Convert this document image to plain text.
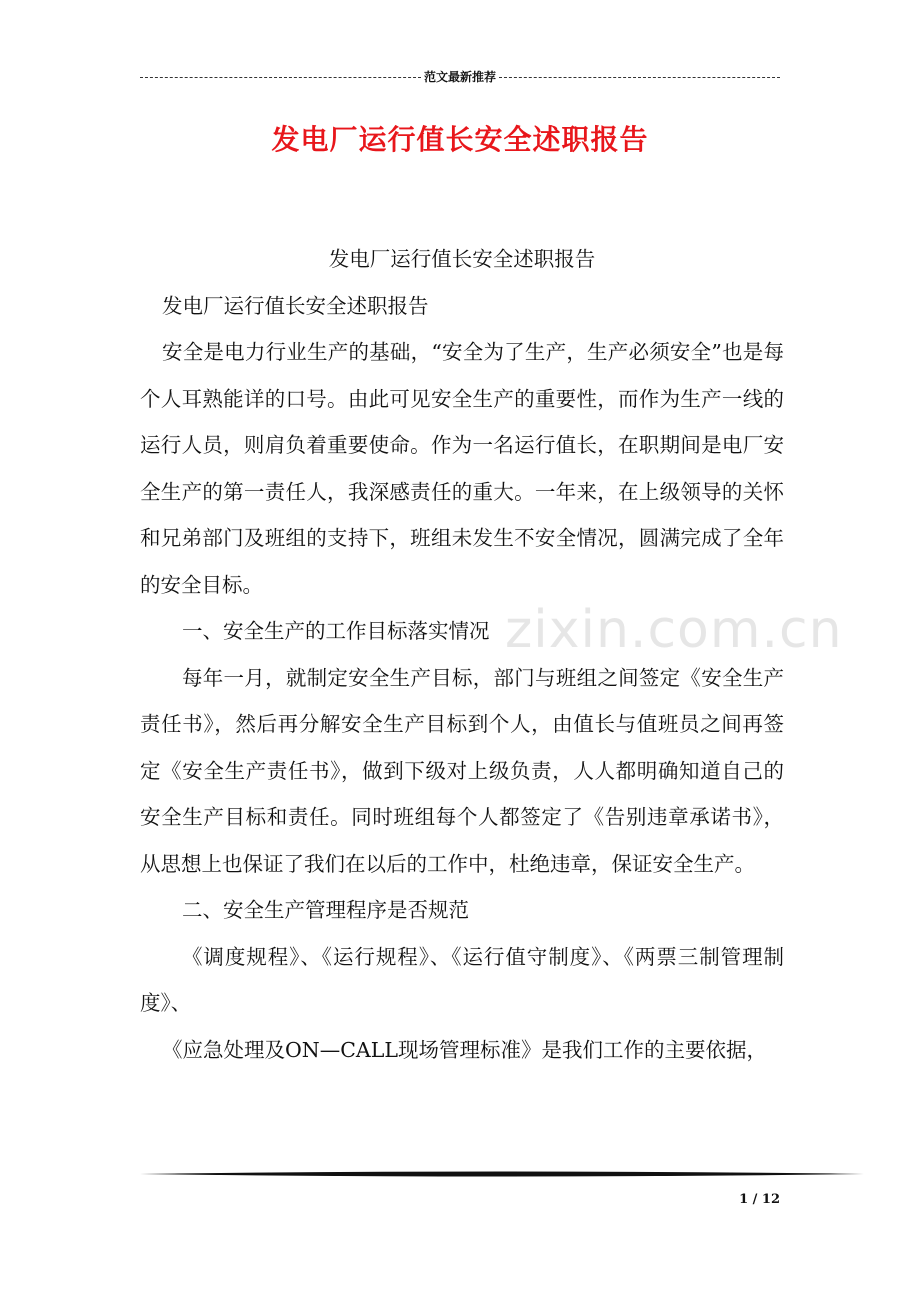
范文最新推荐
发电厂运行值长安全述职报告
zixin.com.cn

发电厂运行值长安全述职报告

发电厂运行值长安全述职报告

安全是电力行业生产的基础，“安全为了生产，生产必须安全”也是每个人耳熟能详的口号。由此可见安全生产的重要性，而作为生产一线的运行人员，则肩负着重要使命。作为一名运行值长，在职期间是电厂安全生产的第一责任人，我深感责任的重大。一年来，在上级领导的关怀和兄弟部门及班组的支持下，班组未发生不安全情况，圆满完成了全年的安全目标。

一、安全生产的工作目标落实情况

每年一月，就制定安全生产目标，部门与班组之间签定《安全生产责任书》，然后再分解安全生产目标到个人，由值长与值班员之间再签定《安全生产责任书》，做到下级对上级负责，人人都明确知道自己的安全生产目标和责任。同时班组每个人都签定了《告别违章承诺书》，从思想上也保证了我们在以后的工作中，杜绝违章，保证安全生产。

二、安全生产管理程序是否规范

《调度规程》、《运行规程》、《运行值守制度》、《两票三制管理制度》、

《应急处理及ON—CALL现场管理标准》是我们工作的主要依据，

1 / 12
